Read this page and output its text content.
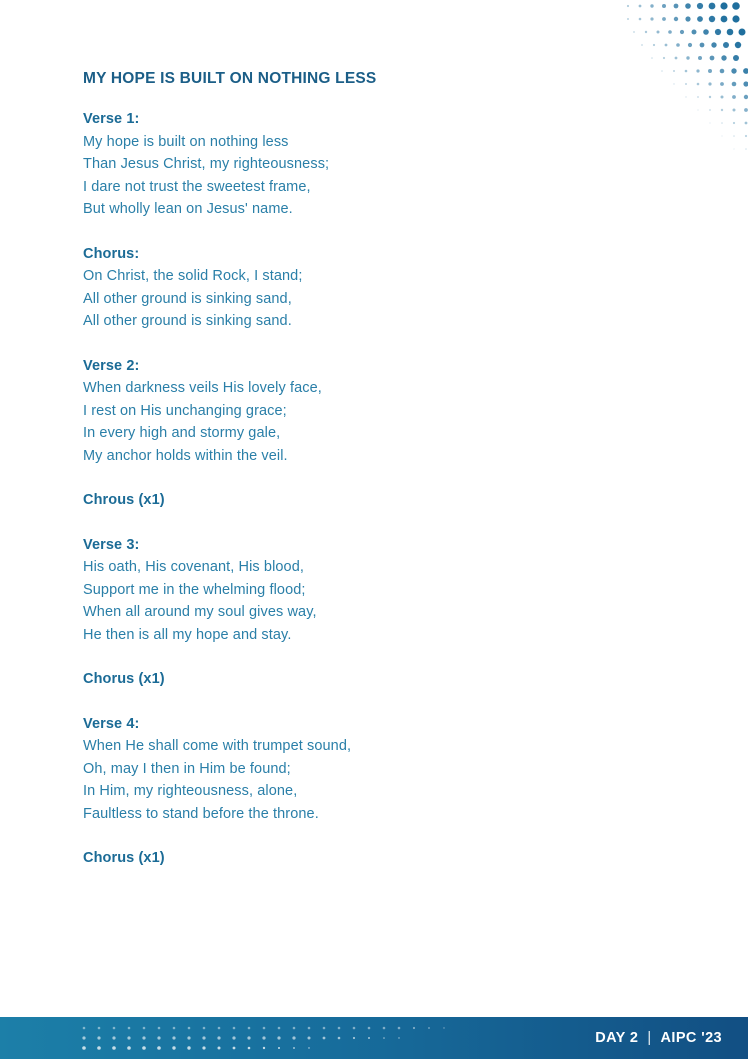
MY HOPE IS BUILT ON NOTHING LESS
Verse 1:
My hope is built on nothing less
Than Jesus Christ, my righteousness;
I dare not trust the sweetest frame,
But wholly lean on Jesus' name.
Chorus:
On Christ, the solid Rock, I stand;
All other ground is sinking sand,
All other ground is sinking sand.
Verse 2:
When darkness veils His lovely face,
I rest on His unchanging grace;
In every high and stormy gale,
My anchor holds within the veil.
Chrous (x1)
Verse 3:
His oath, His covenant, His blood,
Support me in the whelming flood;
When all around my soul gives way,
He then is all my hope and stay.
Chorus (x1)
Verse 4:
When He shall come with trumpet sound,
Oh, may I then in Him be found;
In Him, my righteousness, alone,
Faultless to stand before the throne.
Chorus (x1)
DAY 2 | AIPC '23
